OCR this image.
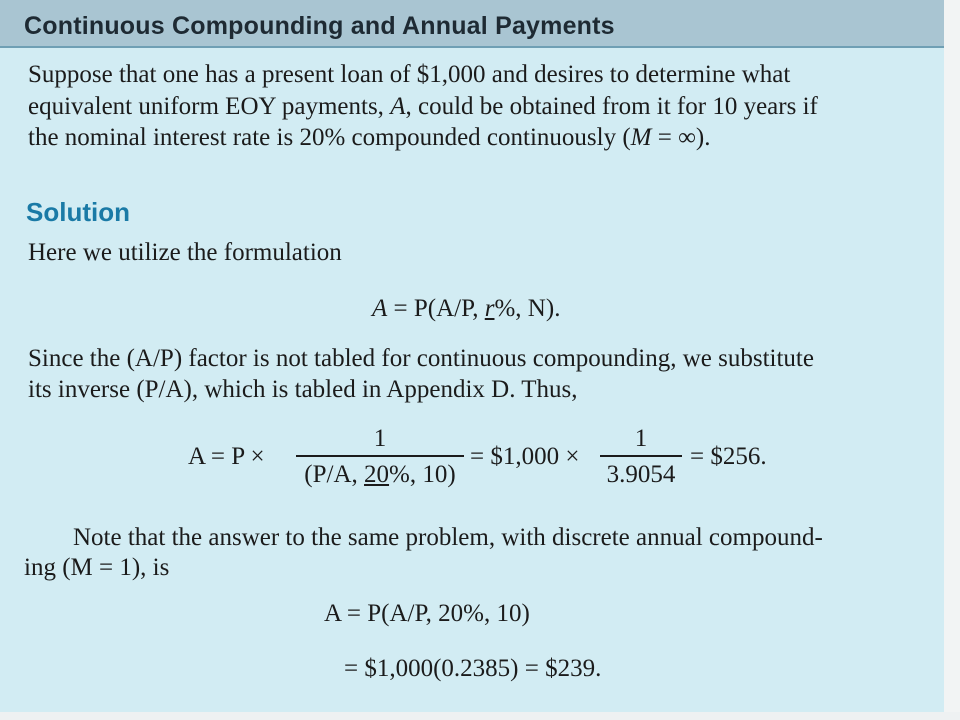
Continuous Compounding and Annual Payments
Suppose that one has a present loan of $1,000 and desires to determine what
equivalent uniform EOY payments, A, could be obtained from it for 10 years if
the nominal interest rate is 20% compounded continuously (M = ∞).
Solution
Here we utilize the formulation
A = P(A/P, r%, N).
Since the (A/P) factor is not tabled for continuous compounding, we substitute
its inverse (P/A), which is tabled in Appendix D. Thus,
A = P ×
1
(P/A, 20%, 10)
= $1,000 ×
1
3.9054
= $256.
Note that the answer to the same problem, with discrete annual compound-
ing (M = 1), is
A = P(A/P, 20%, 10)
= $1,000(0.2385) = $239.
